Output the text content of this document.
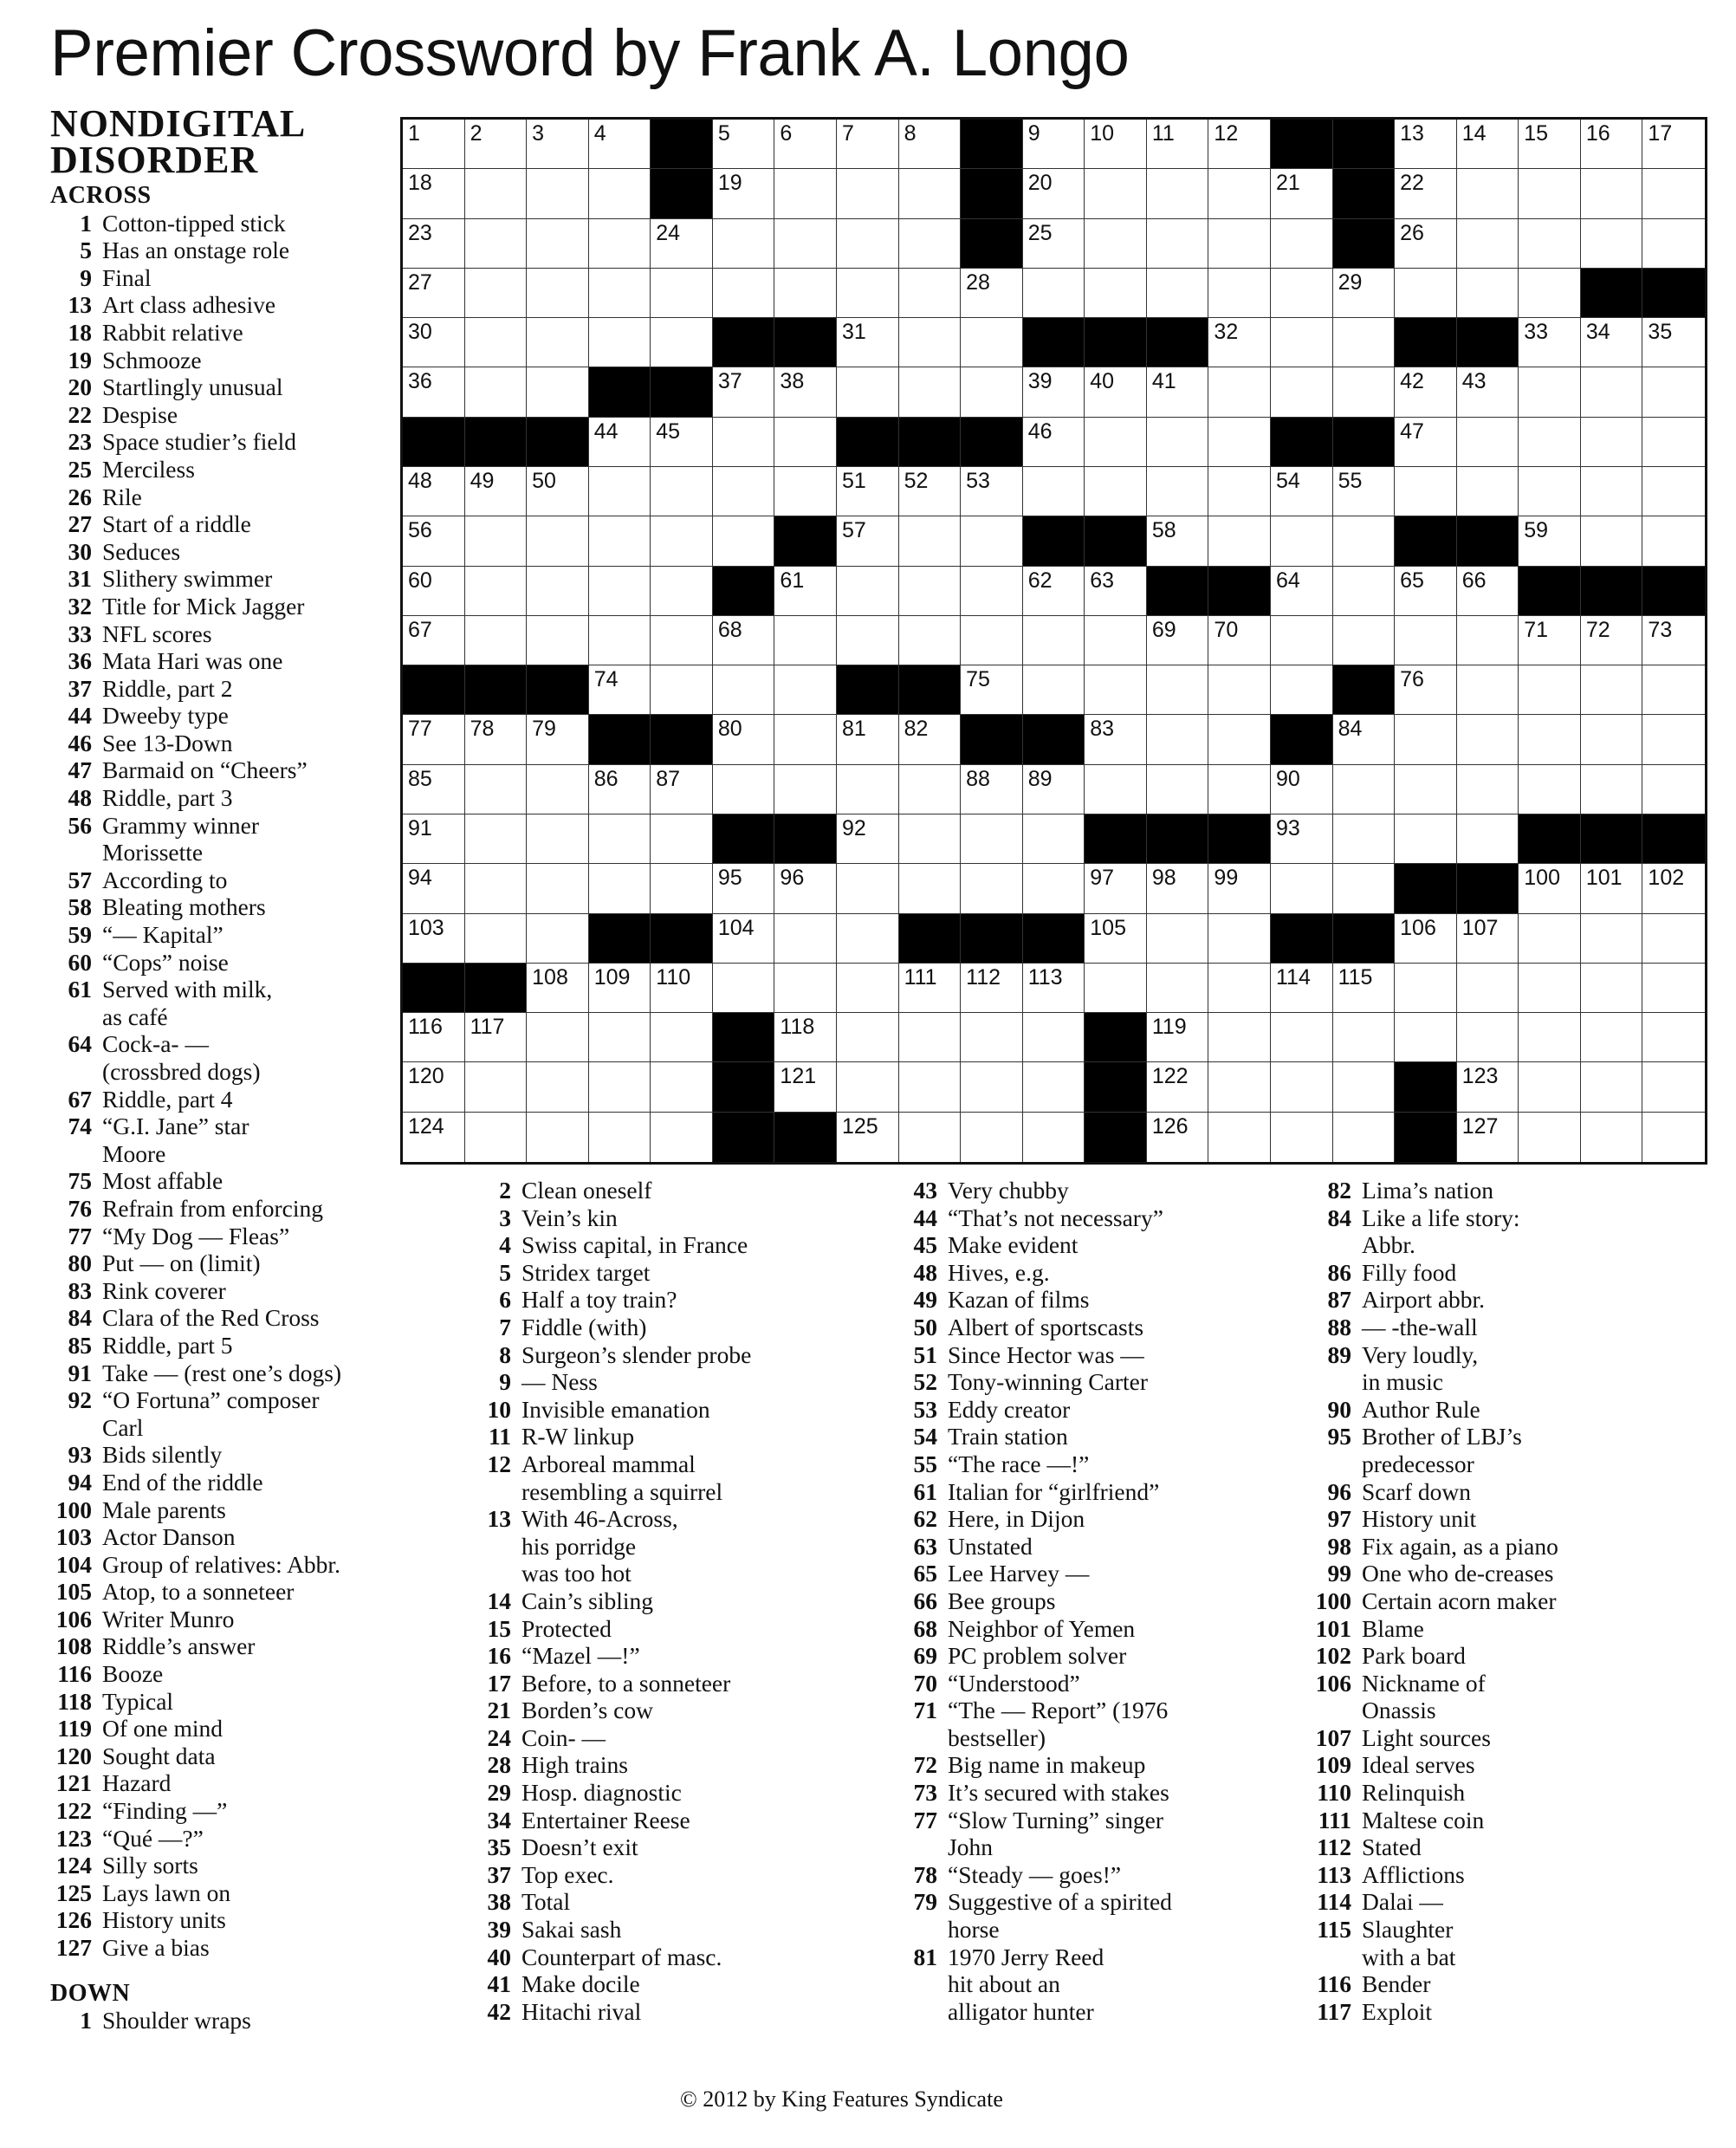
Premier Crossword by Frank A. Longo
NONDIGITAL
DISORDER
1 2 3 4	5 6 7 8	9 10 11 12	13 14 15 16 17
18	19	20	21	22
23	24	25	26
27	28	29
30	31	32	33 34 35
36	37 38	39 40 41	42 43
44 45	46	47
48 49 50	51 52 53	54 55
56	57	58	59
60	61	62 63	64	65 66
67	68	69 70	71 72 73
74	75	76
77 78 79	80	81 82	83	84
85	86 87	88 89	90
91	92	93
94	95 96	97 98 99	100 101 102
103	104	105	106 107
108 109 110	111 112 113	114 115
116 117	118	119
120	121	122	123
124	125	126	127
ACROSS
1 Cotton-tipped stick
5 Has an onstage role
9 Final
13 Art class adhesive
18 Rabbit relative
19 Schmooze
20 Startlingly unusual
22 Despise
23 Space studier’s field
25 Merciless
26 Rile
27 Start of a riddle
30 Seduces
31 Slithery swimmer
32 Title for Mick Jagger
33 NFL scores
36 Mata Hari was one
37 Riddle, part 2
44 Dweeby type
46 See 13-Down
47 Barmaid on “Cheers”
48 Riddle, part 3
56 Grammy winner
Morissette
57 According to
58 Bleating mothers
59 “— Kapital”
60 “Cops” noise
61 Served with milk,
as café
64 Cock-a- —
(crossbred dogs)
67 Riddle, part 4
74 “G.I. Jane” star
Moore
75 Most affable
76 Refrain from enforcing
77 “My Dog — Fleas”
80 Put — on (limit)
83 Rink coverer
84 Clara of the Red Cross
85 Riddle, part 5
91 Take — (rest one’s dogs)
92 “O Fortuna” composer
Carl
93 Bids silently
94 End of the riddle
100 Male parents
103 Actor Danson
104 Group of relatives: Abbr.
105 Atop, to a sonneteer
106 Writer Munro
108 Riddle’s answer
116 Booze
118 Typical
119 Of one mind
120 Sought data
121 Hazard
122 “Finding —”
123 “Qué —?”
124 Silly sorts
125 Lays lawn on
126 History units
127 Give a bias
DOWN
1 Shoulder wraps
2 Clean oneself
3 Vein’s kin
4 Swiss capital, in France
5 Stridex target
6 Half a toy train?
7 Fiddle (with)
8 Surgeon’s slender probe
9 — Ness
10 Invisible emanation
11 R-W linkup
12 Arboreal mammal
resembling a squirrel
13 With 46-Across,
his porridge
was too hot
14 Cain’s sibling
15 Protected
16 “Mazel —!”
17 Before, to a sonneteer
21 Borden’s cow
24 Coin- —
28 High trains
29 Hosp. diagnostic
34 Entertainer Reese
35 Doesn’t exit
37 Top exec.
38 Total
39 Sakai sash
40 Counterpart of masc.
41 Make docile
42 Hitachi rival
43 Very chubby
44 “That’s not necessary”
45 Make evident
48 Hives, e.g.
49 Kazan of films
50 Albert of sportscasts
51 Since Hector was —
52 Tony-winning Carter
53 Eddy creator
54 Train station
55 “The race —!”
61 Italian for “girlfriend”
62 Here, in Dijon
63 Unstated
65 Lee Harvey —
66 Bee groups
68 Neighbor of Yemen
69 PC problem solver
70 “Understood”
71 “The — Report” (1976
bestseller)
72 Big name in makeup
73 It’s secured with stakes
77 “Slow Turning” singer
John
78 “Steady — goes!”
79 Suggestive of a spirited
horse
81 1970 Jerry Reed
hit about an
alligator hunter
82 Lima’s nation
84 Like a life story:
Abbr.
86 Filly food
87 Airport abbr.
88 — -the-wall
89 Very loudly,
in music
90 Author Rule
95 Brother of LBJ’s
predecessor
96 Scarf down
97 History unit
98 Fix again, as a piano
99 One who de-creases
100 Certain acorn maker
101 Blame
102 Park board
106 Nickname of
Onassis
107 Light sources
109 Ideal serves
110 Relinquish
111 Maltese coin
112 Stated
113 Afflictions
114 Dalai —
115 Slaughter
with a bat
116 Bender
117 Exploit
© 2012 by King Features Syndicate
